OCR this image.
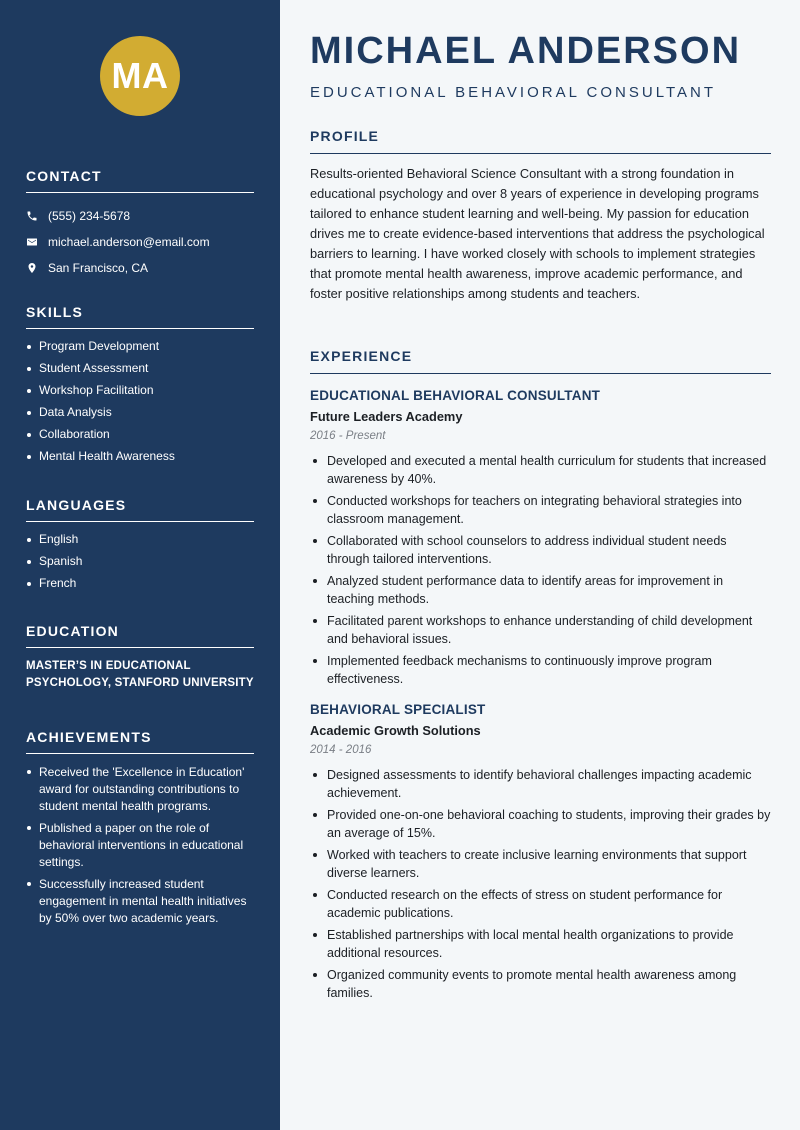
MA
CONTACT
(555) 234-5678
michael.anderson@email.com
San Francisco, CA
SKILLS
Program Development
Student Assessment
Workshop Facilitation
Data Analysis
Collaboration
Mental Health Awareness
LANGUAGES
English
Spanish
French
EDUCATION
MASTER’S IN EDUCATIONAL PSYCHOLOGY, STANFORD UNIVERSITY
ACHIEVEMENTS
Received the 'Excellence in Education' award for outstanding contributions to student mental health programs.
Published a paper on the role of behavioral interventions in educational settings.
Successfully increased student engagement in mental health initiatives by 50% over two academic years.
MICHAEL ANDERSON
EDUCATIONAL BEHAVIORAL CONSULTANT
PROFILE

Results-oriented Behavioral Science Consultant with a strong foundation in educational psychology and over 8 years of experience in developing programs tailored to enhance student learning and well-being. My passion for education drives me to create evidence-based interventions that address the psychological barriers to learning. I have worked closely with schools to implement strategies that promote mental health awareness, improve academic performance, and foster positive relationships among students and teachers.

EXPERIENCE
EDUCATIONAL BEHAVIORAL CONSULTANT
Future Leaders Academy
2016 - Present
Developed and executed a mental health curriculum for students that increased awareness by 40%.
Conducted workshops for teachers on integrating behavioral strategies into classroom management.
Collaborated with school counselors to address individual student needs through tailored interventions.
Analyzed student performance data to identify areas for improvement in teaching methods.
Facilitated parent workshops to enhance understanding of child development and behavioral issues.
Implemented feedback mechanisms to continuously improve program effectiveness.
BEHAVIORAL SPECIALIST
Academic Growth Solutions
2014 - 2016
Designed assessments to identify behavioral challenges impacting academic achievement.
Provided one-on-one behavioral coaching to students, improving their grades by an average of 15%.
Worked with teachers to create inclusive learning environments that support diverse learners.
Conducted research on the effects of stress on student performance for academic publications.
Established partnerships with local mental health organizations to provide additional resources.
Organized community events to promote mental health awareness among families.
